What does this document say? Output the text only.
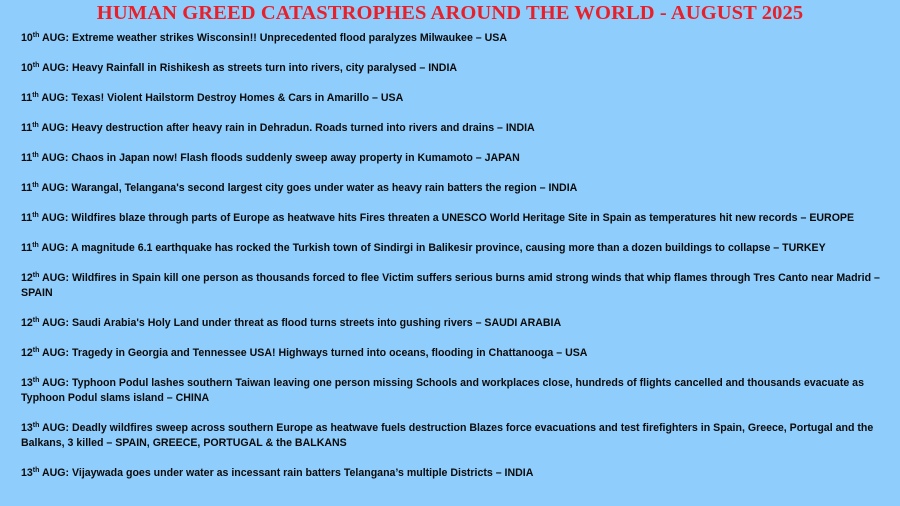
HUMAN GREED CATASTROPHES AROUND THE WORLD - AUGUST 2025
10th AUG: Extreme weather strikes Wisconsin!! Unprecedented flood paralyzes Milwaukee – USA
10th AUG: Heavy Rainfall in Rishikesh as streets turn into rivers, city paralysed – INDIA
11th AUG: Texas! Violent Hailstorm Destroy Homes & Cars in Amarillo – USA
11th AUG: Heavy destruction after heavy rain in Dehradun. Roads turned into rivers and drains – INDIA
11th AUG: Chaos in Japan now! Flash floods suddenly sweep away property in Kumamoto – JAPAN
11th AUG: Warangal, Telangana's second largest city goes under water as heavy rain batters the region – INDIA
11th AUG: Wildfires blaze through parts of Europe as heatwave hits Fires threaten a UNESCO World Heritage Site in Spain as temperatures hit new records – EUROPE
11th AUG: A magnitude 6.1 earthquake has rocked the Turkish town of Sindirgi in Balikesir province, causing more than a dozen buildings to collapse – TURKEY
12th AUG: Wildfires in Spain kill one person as thousands forced to flee Victim suffers serious burns amid strong winds that whip flames through Tres Canto near Madrid – SPAIN
12th AUG: Saudi Arabia's Holy Land under threat as flood turns streets into gushing rivers – SAUDI ARABIA
12th AUG: Tragedy in Georgia and Tennessee USA! Highways turned into oceans, flooding in Chattanooga – USA
13th AUG: Typhoon Podul lashes southern Taiwan leaving one person missing Schools and workplaces close, hundreds of flights cancelled and thousands evacuate as Typhoon Podul slams island – CHINA
13th AUG: Deadly wildfires sweep across southern Europe as heatwave fuels destruction Blazes force evacuations and test firefighters in Spain, Greece, Portugal and the Balkans, 3 killed – SPAIN, GREECE, PORTUGAL & the BALKANS
13th AUG: Vijaywada goes under water as incessant rain batters Telangana’s multiple Districts – INDIA
